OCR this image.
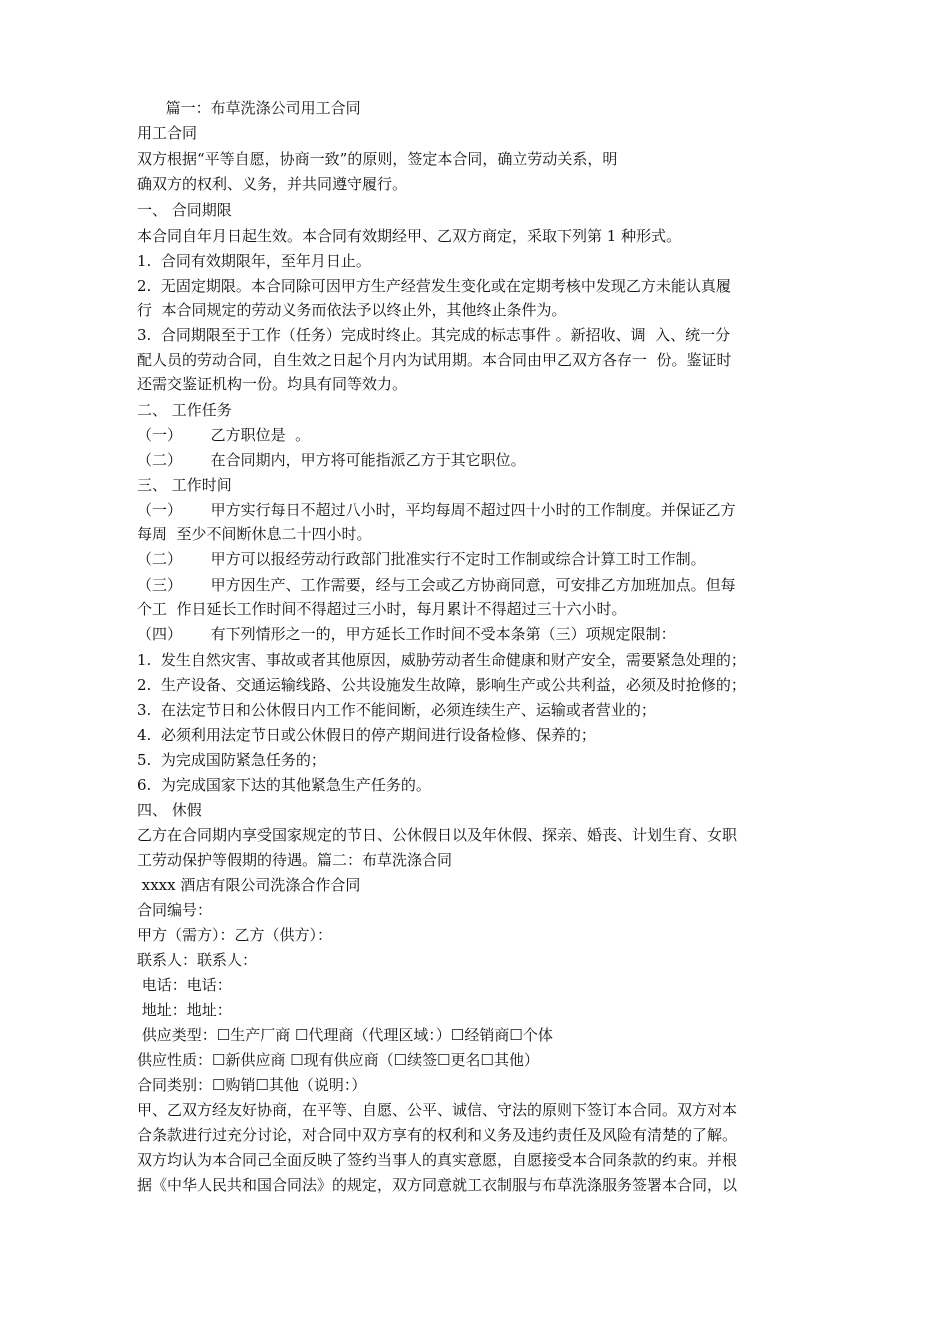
篇一：布草洗涤公司用工合同
用工合同
双方根据“平等自愿，协商一致”的原则，签定本合同，确立劳动关系，明
确双方的权利、义务，并共同遵守履行。
一、 合同期限
本合同自年月日起生效。本合同有效期经甲、乙双方商定，采取下列第 1 种形式。
1.  合同有效期限年，至年月日止。
2.  无固定期限。本合同除可因甲方生产经营发生变化或在定期考核中发现乙方未能认真履
行  本合同规定的劳动义务而依法予以终止外，其他终止条件为。
3.  合同期限至于工作（任务）完成时终止。其完成的标志事件 。新招收、调  入、统一分
配人员的劳动合同，自生效之日起个月内为试用期。本合同由甲乙双方各存一  份。鉴证时
还需交鉴证机构一份。均具有同等效力。
二、 工作任务
（一）      乙方职位是  。
（二）      在合同期内，甲方将可能指派乙方于其它职位。
三、 工作时间
（一）      甲方实行每日不超过八小时，平均每周不超过四十小时的工作制度。并保证乙方
每周  至少不间断休息二十四小时。
（二）      甲方可以报经劳动行政部门批准实行不定时工作制或综合计算工时工作制。
（三）      甲方因生产、工作需要，经与工会或乙方协商同意，可安排乙方加班加点。但每
个工  作日延长工作时间不得超过三小时，每月累计不得超过三十六小时。
（四）      有下列情形之一的，甲方延长工作时间不受本条第（三）项规定限制：
1.  发生自然灾害、事故或者其他原因，威胁劳动者生命健康和财产安全，需要紧急处理的；
2.  生产设备、交通运输线路、公共设施发生故障，影响生产或公共利益，必须及时抢修的；
3.  在法定节日和公休假日内工作不能间断，必须连续生产、运输或者营业的；
4.  必须利用法定节日或公休假日的停产期间进行设备检修、保养的；
5.  为完成国防紧急任务的；
6.  为完成国家下达的其他紧急生产任务的。
四、 休假
乙方在合同期内享受国家规定的节日、公休假日以及年休假、探亲、婚丧、计划生育、女职
工劳动保护等假期的待遇。篇二：布草洗涤合同
xxxx 酒店有限公司洗涤合作合同
合同编号：
甲方（需方）：乙方（供方）：
联系人：联系人：
电话：电话：
地址：地址：
供应类型：☐生产厂商 ☐代理商（代理区域：）☐经销商☐个体
供应性质：☐新供应商 ☐现有供应商（☐续签☐更名☐其他）
合同类别：☐购销☐其他（说明：）
甲、乙双方经友好协商，在平等、自愿、公平、诚信、守法的原则下签订本合同。双方对本
合条款进行过充分讨论，对合同中双方享有的权利和义务及违约责任及风险有清楚的了解。
双方均认为本合同己全面反映了签约当事人的真实意愿，自愿接受本合同条款的约束。并根
据《中华人民共和国合同法》的规定，双方同意就工衣制服与布草洗涤服务签署本合同，以
